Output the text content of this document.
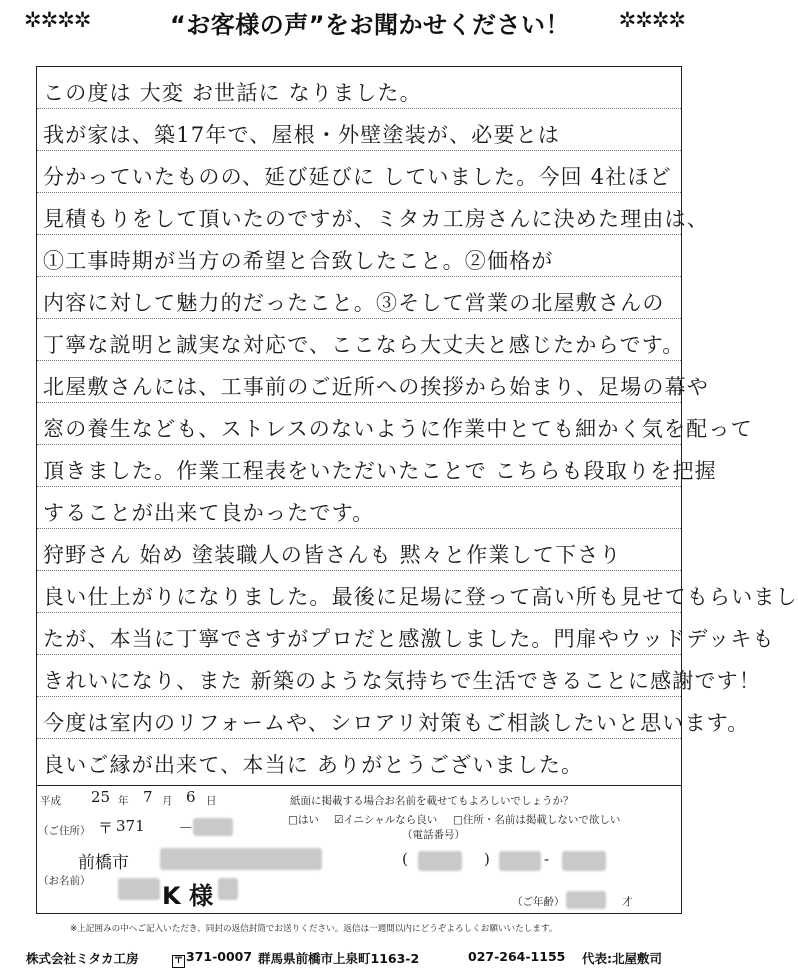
✲✲✲✲	“お客様の声”をお聞かせください！	✲✲✲✲
この度は 大変 お世話に なりました。
我が家は、築17年で、屋根・外壁塗装が、必要とは
分かっていたものの、延び延びに していました。今回 4社ほど
見積もりをして頂いたのですが、ミタカ工房さんに決めた理由は、
①工事時期が当方の希望と合致したこと。②価格が
内容に対して魅力的だったこと。③そして営業の北屋敷さんの
丁寧な説明と誠実な対応で、ここなら大丈夫と感じたからです。
北屋敷さんには、工事前のご近所への挨拶から始まり、足場の幕や
窓の養生なども、ストレスのないように作業中とても細かく気を配って
頂きました。作業工程表をいただいたことで こちらも段取りを把握
することが出来て良かったです。
狩野さん 始め 塗装職人の皆さんも 黙々と作業して下さり
良い仕上がりになりました。最後に足場に登って高い所も見せてもらいまし
たが、本当に丁寧でさすがプロだと感激しました。門扉やウッドデッキも
きれいになり、また 新築のような気持ちで生活できることに感謝です！
今度は室内のリフォームや、シロアリ対策もご相談したいと思います。
良いご縁が出来て、本当に ありがとうございました。
平成 25 年 7 月 6 日	紙面に掲載する場合お名前を載せてもよろしいでしょうか？
□はい ☑イニシャルなら良い □住所・名前は掲載しないで欲しい
（電話番号）
（ご住所） 〒 371 －
前橋市	(	)	-
（お名前）
K 様	（ご年齢）	才
※上記囲みの中へご記入いただき、同封の返信封筒でお送りください。返信は一週間以内にどうぞよろしくお願いいたします。
株式会社ミタカ工房	〒 371-0007 群馬県前橋市上泉町1163-2	027-264-1155 代表:北屋敷司
